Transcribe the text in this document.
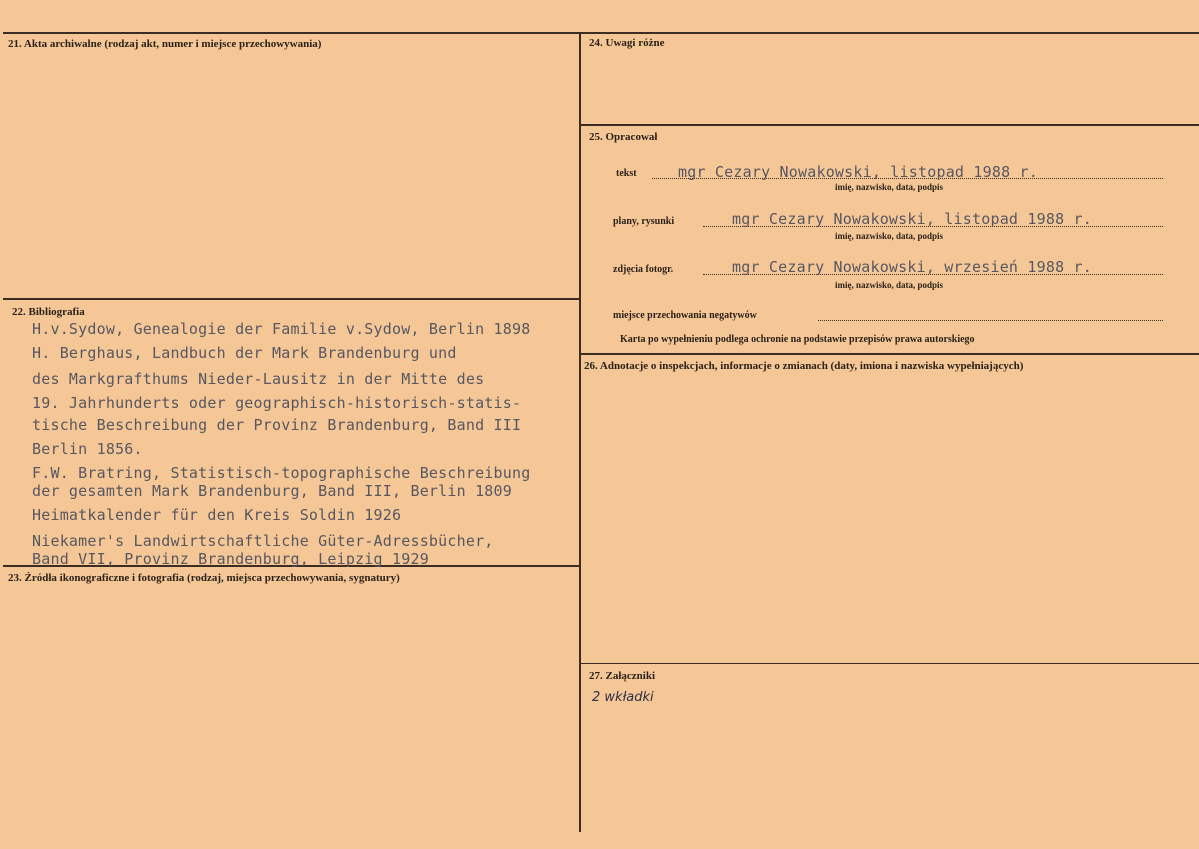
21. Akta archiwalne (rodzaj akt, numer i miejsce przechowywania)
22. Bibliografia
H.v.Sydow, Genealogie der Familie v.Sydow, Berlin 1898
H. Berghaus, Landbuch der Mark Brandenburg und
des Markgrafthums Nieder-Lausitz in der Mitte des
19. Jahrhunderts oder geographisch-historisch-statis-
tische Beschreibung der Provinz Brandenburg, Band III
Berlin 1856.
F.W. Bratring, Statistisch-topographische Beschreibung
der gesamten Mark Brandenburg, Band III, Berlin 1809
Heimatkalender für den Kreis Soldin 1926
Niekamer's Landwirtschaftliche Güter-Adressbücher,
Band VII, Provinz Brandenburg, Leipzig 1929
23. Źródła ikonograficzne i fotografia (rodzaj, miejsca przechowywania, sygnatury)
24. Uwagi różne
25. Opracował
tekst	mgr Cezary Nowakowski, listopad 1988 r.
imię, nazwisko, data, podpis
plany, rysunki	mgr Cezary Nowakowski, listopad 1988 r.
imię, nazwisko, data, podpis
zdjęcia fotogr.	mgr Cezary Nowakowski, wrzesień 1988 r.
imię, nazwisko, data, podpis
miejsce przechowania negatywów
Karta po wypełnieniu podlega ochronie na podstawie przepisów prawa autorskiego
26. Adnotacje o inspekcjach, informacje o zmianach (daty, imiona i nazwiska wypełniających)
27. Załączniki
2 wkładki
